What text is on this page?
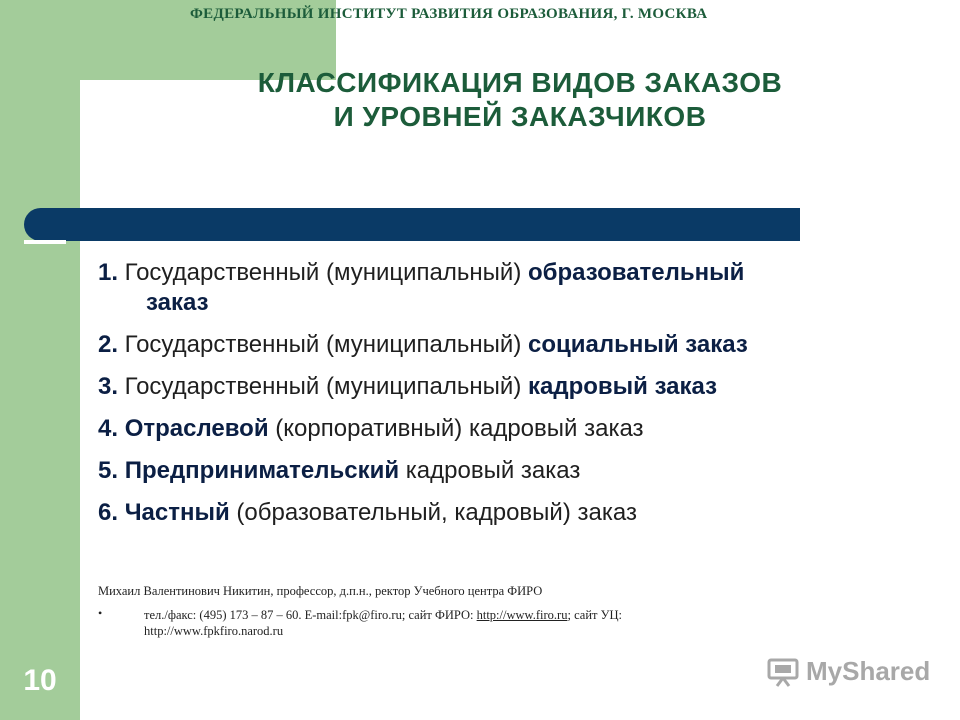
ФЕДЕРАЛЬНЫЙ ИНСТИТУТ РАЗВИТИЯ ОБРАЗОВАНИЯ, Г. МОСКВА
КЛАССИФИКАЦИЯ ВИДОВ ЗАКАЗОВ
И УРОВНЕЙ ЗАКАЗЧИКОВ
1. Государственный (муниципальный) образовательный
заказ
2. Государственный (муниципальный) социальный заказ
3. Государственный (муниципальный) кадровый заказ
4. Отраслевой (корпоративный) кадровый заказ
5. Предпринимательский кадровый заказ
6. Частный (образовательный, кадровый) заказ
Михаил Валентинович Никитин, профессор, д.п.н., ректор Учебного центра ФИРО
•	тел./факс: (495) 173 – 87 – 60. E-mail:fpk@firo.ru; сайт ФИРО: http://www.firo.ru; сайт УЦ:
http://www.fpkfiro.narod.ru
10	MyShared
